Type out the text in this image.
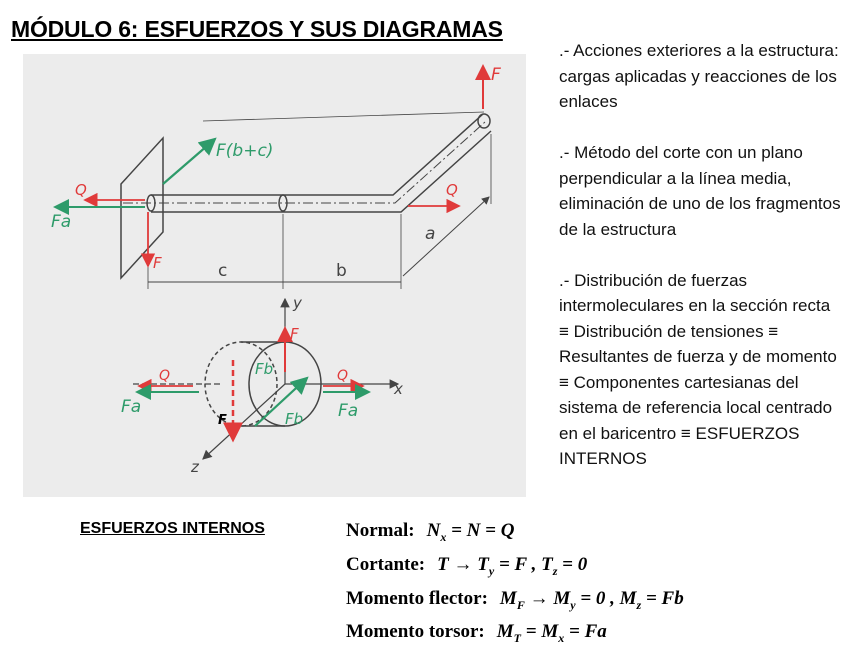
MÓDULO 6: ESFUERZOS Y SUS DIAGRAMAS
c	b
a
F
F(b+c)
Q
Fa
F
Q
y
x
z
F
Fb
Fb
Q
Fa
Q
Fa
F
.- Acciones exteriores a la estructura: cargas aplicadas y reacciones de los enlaces
.- Método del corte con un plano perpendicular a la línea media, eliminación de uno de los fragmentos de la estructura
.- Distribución de fuerzas intermoleculares en la sección recta ≡ Distribución de tensiones ≡ Resultantes de fuerza y de momento ≡ Componentes cartesianas del sistema de referencia local centrado en el baricentro ≡ ESFUERZOS INTERNOS
ESFUERZOS INTERNOS	Normal: $N_x = N = Q$
Cortante: $T \to T_y = F$ , $T_z = 0$
Momento flector: $M_F \to M_y = 0$ , $M_z = Fb$
Momento torsor: $M_T = M_x = Fa$
